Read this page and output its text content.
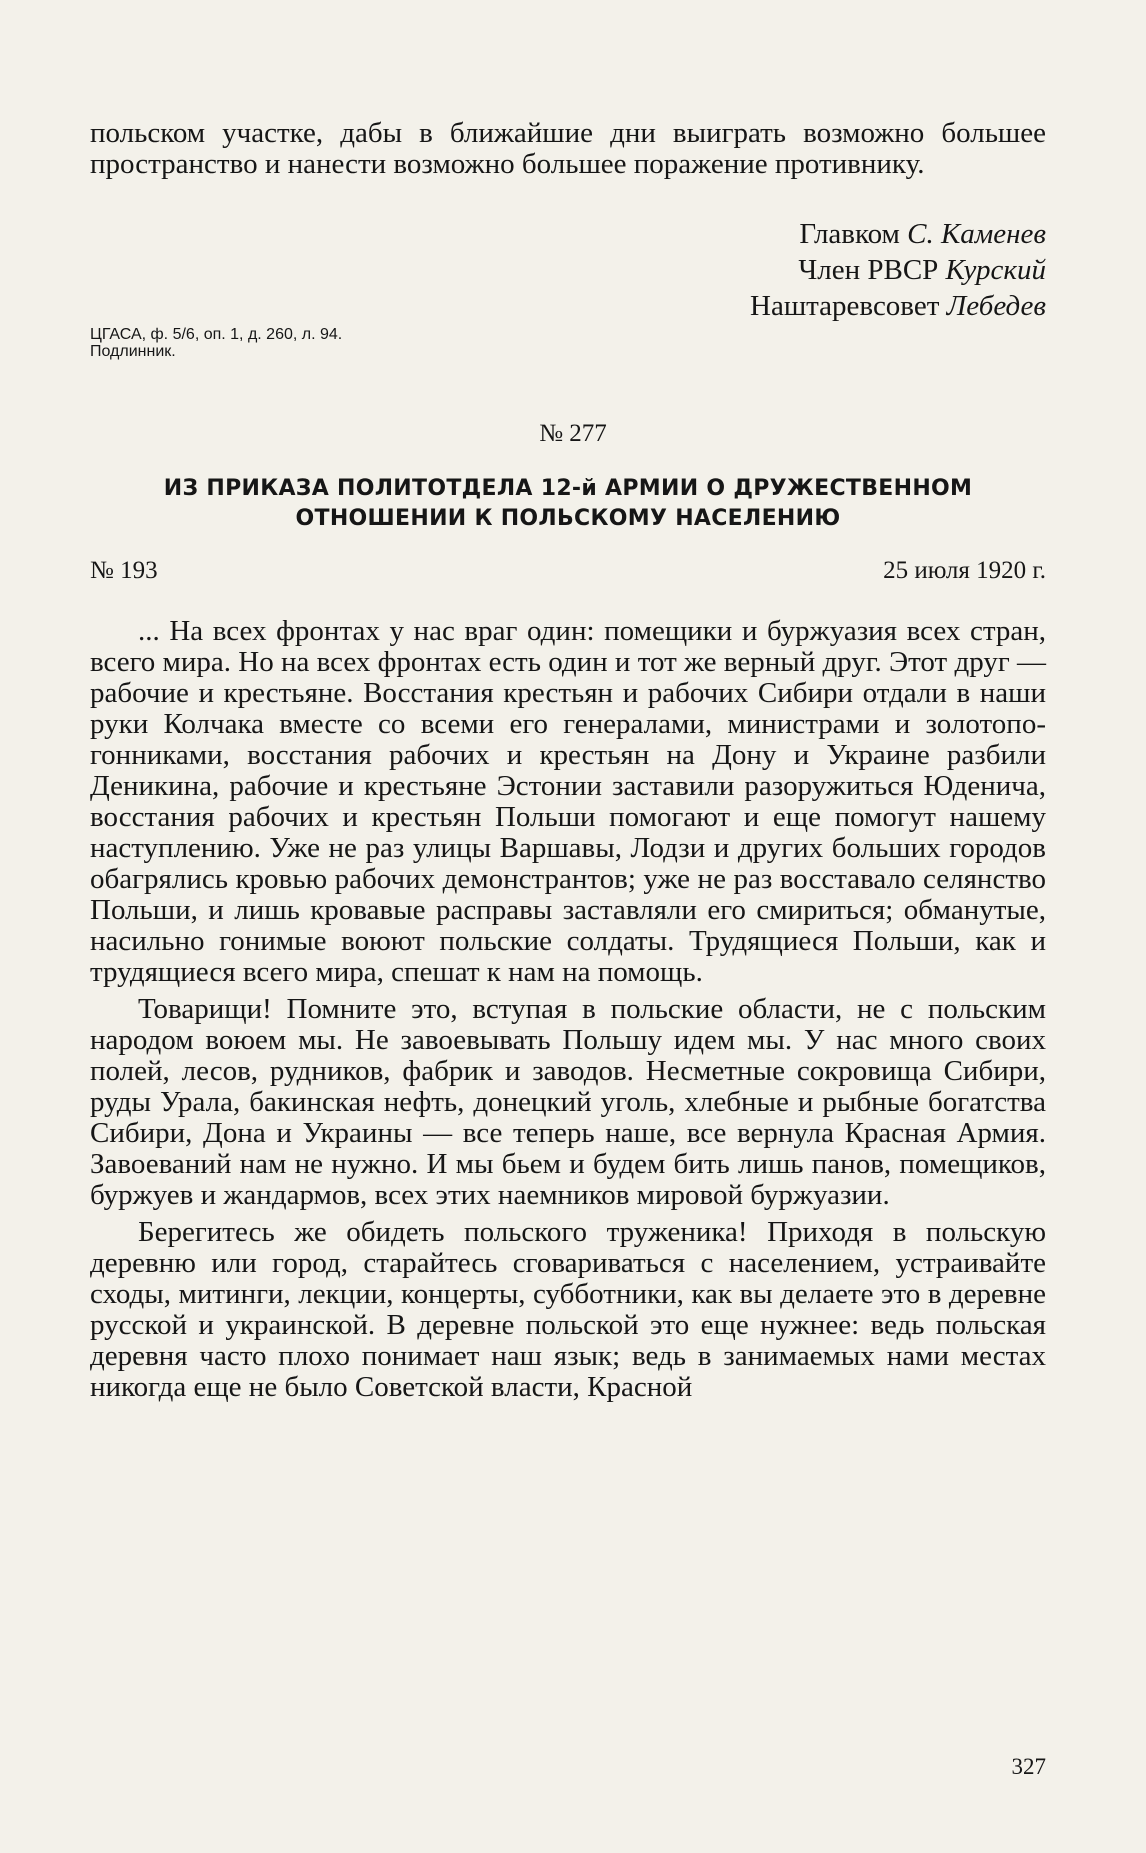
польском участке, дабы в ближайшие дни выиграть возможно большее пространство и нанести возможно большее поражение противнику.

Главком С. Каменев
Член РВСР Курский
Наштаревсовет Лебедев
ЦГАСА, ф. 5/6, оп. 1, д. 260, л. 94.
Подлинник.
№ 277
ИЗ ПРИКАЗА ПОЛИТОТДЕЛА 12-й АРМИИ О ДРУЖЕСТВЕННОМ
ОТНОШЕНИИ К ПОЛЬСКОМУ НАСЕЛЕНИЮ
№ 193	25 июля 1920 г.

... На всех фронтах у нас враг один: помещики и буржуазия всех стран, всего мира. Но на всех фронтах есть один и тот же верный друг. Этот друг — рабочие и крестьяне. Восстания крестьян и рабочих Сибири отдали в наши руки Колчака вместе со всеми его генералами, министрами и золотопогонниками, восстания рабочих и крестьян на Дону и Украине разбили Деникина, рабочие и крестьяне Эстонии заставили разоружиться Юденича, восстания рабочих и крестьян Польши помогают и еще помогут нашему наступлению. Уже не раз улицы Варшавы, Лодзи и других больших городов обагрялись кровью рабочих демонстрантов; уже не раз восставало селянство Польши, и лишь кровавые расправы заставляли его смириться; обманутые, насильно гонимые воюют польские солдаты. Трудящиеся Польши, как и трудящиеся всего мира, спешат к нам на помощь.

Товарищи! Помните это, вступая в польские области, не с польским народом воюем мы. Не завоевывать Польшу идем мы. У нас много своих полей, лесов, рудников, фабрик и заводов. Несметные сокровища Сибири, руды Урала, бакинская нефть, донецкий уголь, хлебные и рыбные богатства Сибири, Дона и Украины — все теперь наше, все вернула Красная Армия. Завоеваний нам не нужно. И мы бьем и будем бить лишь панов, помещиков, буржуев и жандармов, всех этих наемников мировой буржуазии.

Берегитесь же обидеть польского труженика! Приходя в польскую деревню или город, старайтесь сговариваться с населением, устраивайте сходы, митинги, лекции, концерты, субботники, как вы делаете это в деревне русской и украинской. В деревне польской это еще нужнее: ведь польская деревня часто плохо понимает наш язык; ведь в занимаемых нами местах никогда еще не было Советской власти, Красной

327
